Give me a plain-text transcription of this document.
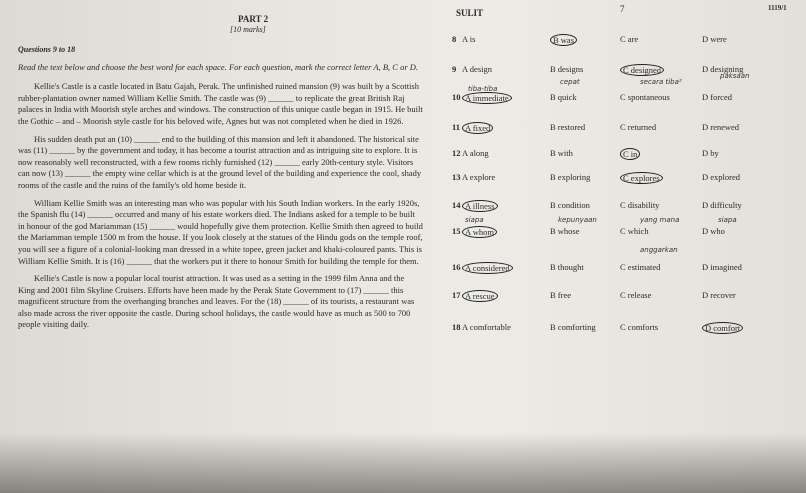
PART 2
[10 marks]
SULIT	7	1119/1

Questions 9 to 18

Read the text below and choose the best word for each space. For each question, mark the correct letter A, B, C or D.

Kellie's Castle is a castle located in Batu Gajah, Perak. The unfinished ruined mansion (9) was built by a Scottish rubber-plantation owner named William Kellie Smith. The castle was (9) ______ to replicate the great British Raj palaces in India with Moorish style arches and windows. The construction of this unique castle began in 1915. He built the Gothic – and – Moorish style castle for his beloved wife, Agnes but was not completed when he died in 1926.

His sudden death put an (10) ______ end to the building of this mansion and left it abandoned. The historical site was (11) ______ by the government and today, it has become a tourist attraction and as intriguing site to explore. It is now reasonably well reconstructed, with a few rooms richly furnished (12) ______ early 20th-century style. Visitors can now (13) ______ the empty wine cellar which is at the ground level of the building and experience the cool, shady rooms of the castle and the ruins of the family's old home beside it.

William Kellie Smith was an interesting man who was popular with his South Indian workers. In the early 1920s, the Spanish flu (14) ______ occurred and many of his estate workers died. The Indians asked for a temple to be built in honour of the god Mariamman (15) ______ would hopefully give them protection. Kellie Smith then agreed to build the Mariamman temple 1500 m from the house. If you look closely at the statues of the Hindu gods on the temple roof, you will see a figure of a colonial-looking man dressed in a white topee, green jacket and khaki-coloured pants. This is William Kellie Smith. It is (16) ______ that the workers put it there to honour Smith for building the temple for them.

Kellie's Castle is now a popular local tourist attraction. It was used as a setting in the 1999 film Anna and the King and 2001 film Skyline Cruisers. Efforts have been made by the Perak State Government to (17) ______ this magnificent structure from the overhanging branches and leaves. For the (18) ______ of its tourists, a restaurant was also made across the river opposite the castle. During school holidays, the castle would have as much as 500 to 700 people visiting daily.

8 A is	B was	C are	D were
9 A design	B designs	C designed	D designing
10 A immediate	B quick	C spontaneous	D forced
11 A fixed	B restored	C returned	D renewed
12 A along	B with	C in	D by
13 A explore	B exploring	C explores	D explored
14 A illness	B condition	C disability	D difficulty
15 A whom	B whose	C which	D who
16 A considered	B thought	C estimated	D imagined
17 A rescue	B free	C release	D recover
18 A comfortable	B comforting	C comforts	D comfort
tiba-tiba
cepat	secara tiba²
paksaan
siapa	kepunyaan	yang mana	siapa
anggarkan
